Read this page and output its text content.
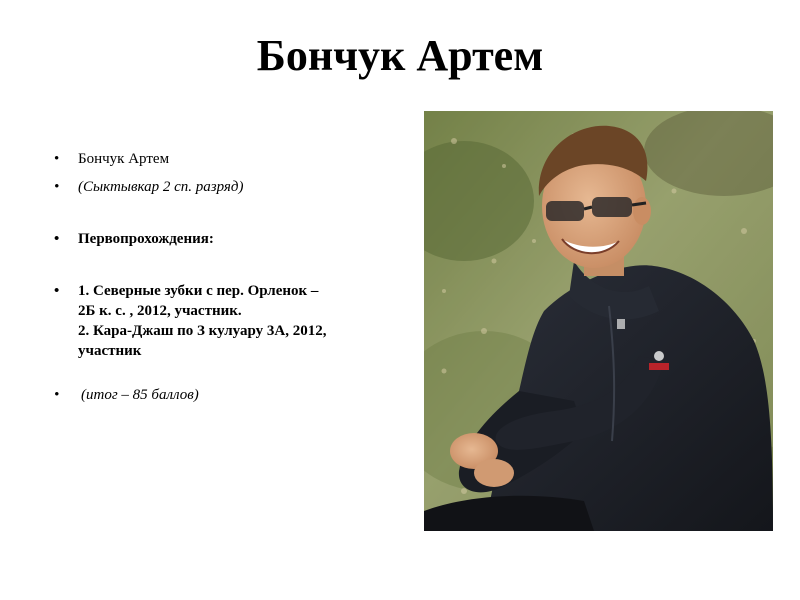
Бончук Артем
• Бончук Артем
• (Сыктывкар 2 сп. разряд)
• Первопрохождения:
• 1. Северные зубки с пер. Орленок –
2Б к. с. , 2012, участник.
2. Кара-Джаш по З кулуару 3А, 2012,
участник
• (итог – 85 баллов)
